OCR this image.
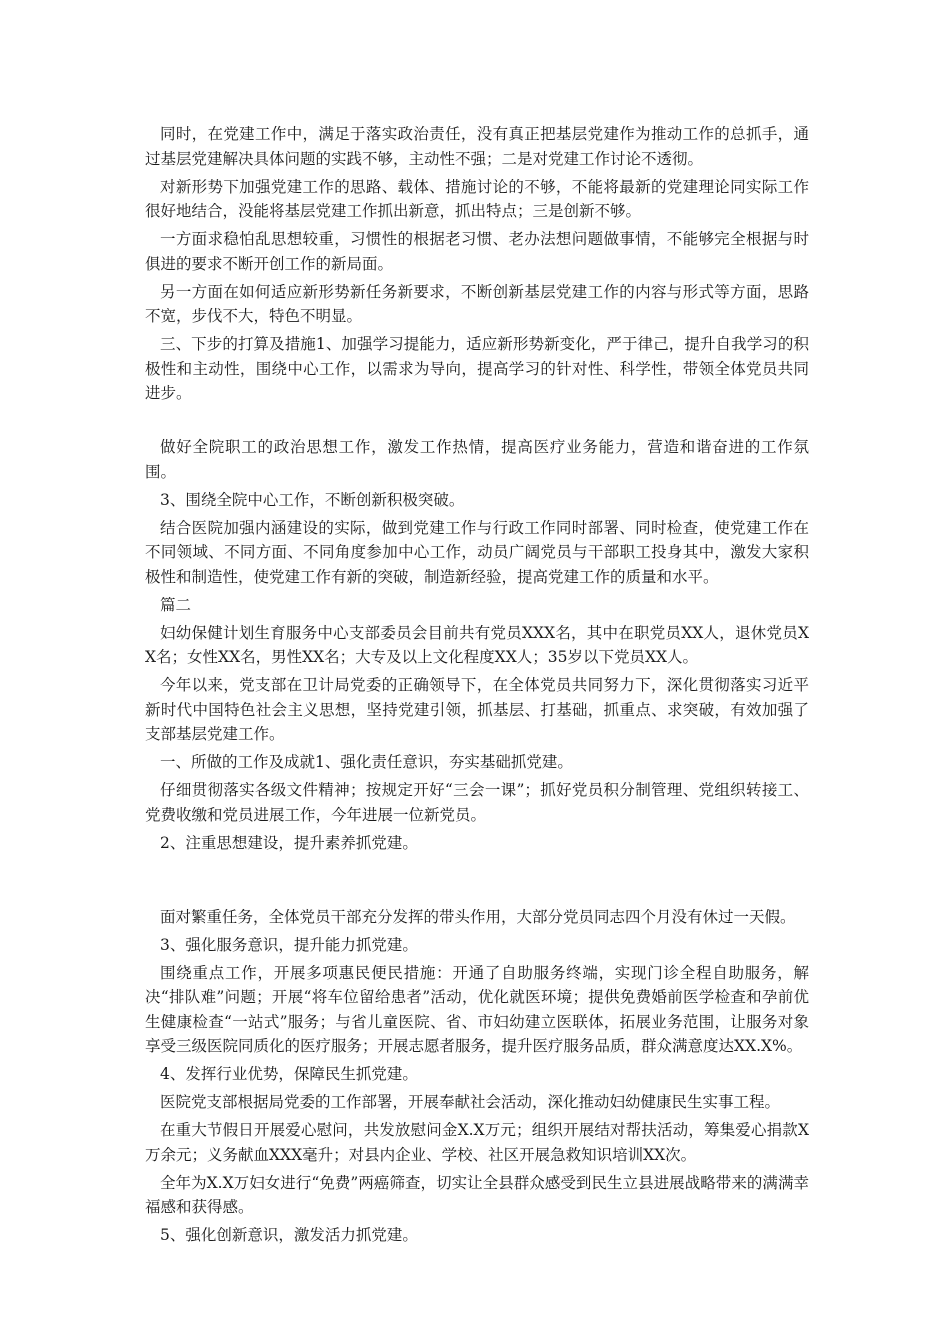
同时，在党建工作中，满足于落实政治责任，没有真正把基层党建作为推动工作的总抓手，通过基层党建解决具体问题的实践不够，主动性不强；二是对党建工作讨论不透彻。

对新形势下加强党建工作的思路、载体、措施讨论的不够，不能将最新的党建理论同实际工作很好地结合，没能将基层党建工作抓出新意，抓出特点；三是创新不够。

一方面求稳怕乱思想较重，习惯性的根据老习惯、老办法想问题做事情，不能够完全根据与时俱进的要求不断开创工作的新局面。

另一方面在如何适应新形势新任务新要求，不断创新基层党建工作的内容与形式等方面，思路不宽，步伐不大，特色不明显。

三、下步的打算及措施1、加强学习提能力，适应新形势新变化，严于律己，提升自我学习的积极性和主动性，围绕中心工作，以需求为导向，提高学习的针对性、科学性，带领全体党员共同进步。

做好全院职工的政治思想工作，激发工作热情，提高医疗业务能力，营造和谐奋进的工作氛围。

3、围绕全院中心工作，不断创新积极突破。

结合医院加强内涵建设的实际，做到党建工作与行政工作同时部署、同时检查，使党建工作在不同领域、不同方面、不同角度参加中心工作，动员广阔党员与干部职工投身其中，激发大家积极性和制造性，使党建工作有新的突破，制造新经验，提高党建工作的质量和水平。

篇二

妇幼保健计划生育服务中心支部委员会目前共有党员XXX名，其中在职党员XX人，退休党员XX名；女性XX名，男性XX名；大专及以上文化程度XX人；35岁以下党员XX人。

今年以来，党支部在卫计局党委的正确领导下，在全体党员共同努力下，深化贯彻落实习近平新时代中国特色社会主义思想，坚持党建引领，抓基层、打基础，抓重点、求突破，有效加强了支部基层党建工作。

一、所做的工作及成就1、强化责任意识，夯实基础抓党建。

仔细贯彻落实各级文件精神；按规定开好“三会一课”；抓好党员积分制管理、党组织转接工、党费收缴和党员进展工作，今年进展一位新党员。

2、注重思想建设，提升素养抓党建。

面对繁重任务，全体党员干部充分发挥的带头作用，大部分党员同志四个月没有休过一天假。

3、强化服务意识，提升能力抓党建。

围绕重点工作，开展多项惠民便民措施：开通了自助服务终端，实现门诊全程自助服务，解决“排队难”问题；开展“将车位留给患者”活动，优化就医环境；提供免费婚前医学检查和孕前优生健康检查“一站式”服务；与省儿童医院、省、市妇幼建立医联体，拓展业务范围，让服务对象享受三级医院同质化的医疗服务；开展志愿者服务，提升医疗服务品质，群众满意度达XX.X%。

4、发挥行业优势，保障民生抓党建。

医院党支部根据局党委的工作部署，开展奉献社会活动，深化推动妇幼健康民生实事工程。

在重大节假日开展爱心慰问，共发放慰问金X.X万元；组织开展结对帮扶活动，筹集爱心捐款X万余元；义务献血XXX毫升；对县内企业、学校、社区开展急救知识培训XX次。

全年为X.X万妇女进行“免费”两癌筛查，切实让全县群众感受到民生立县进展战略带来的满满幸福感和获得感。

5、强化创新意识，激发活力抓党建。
